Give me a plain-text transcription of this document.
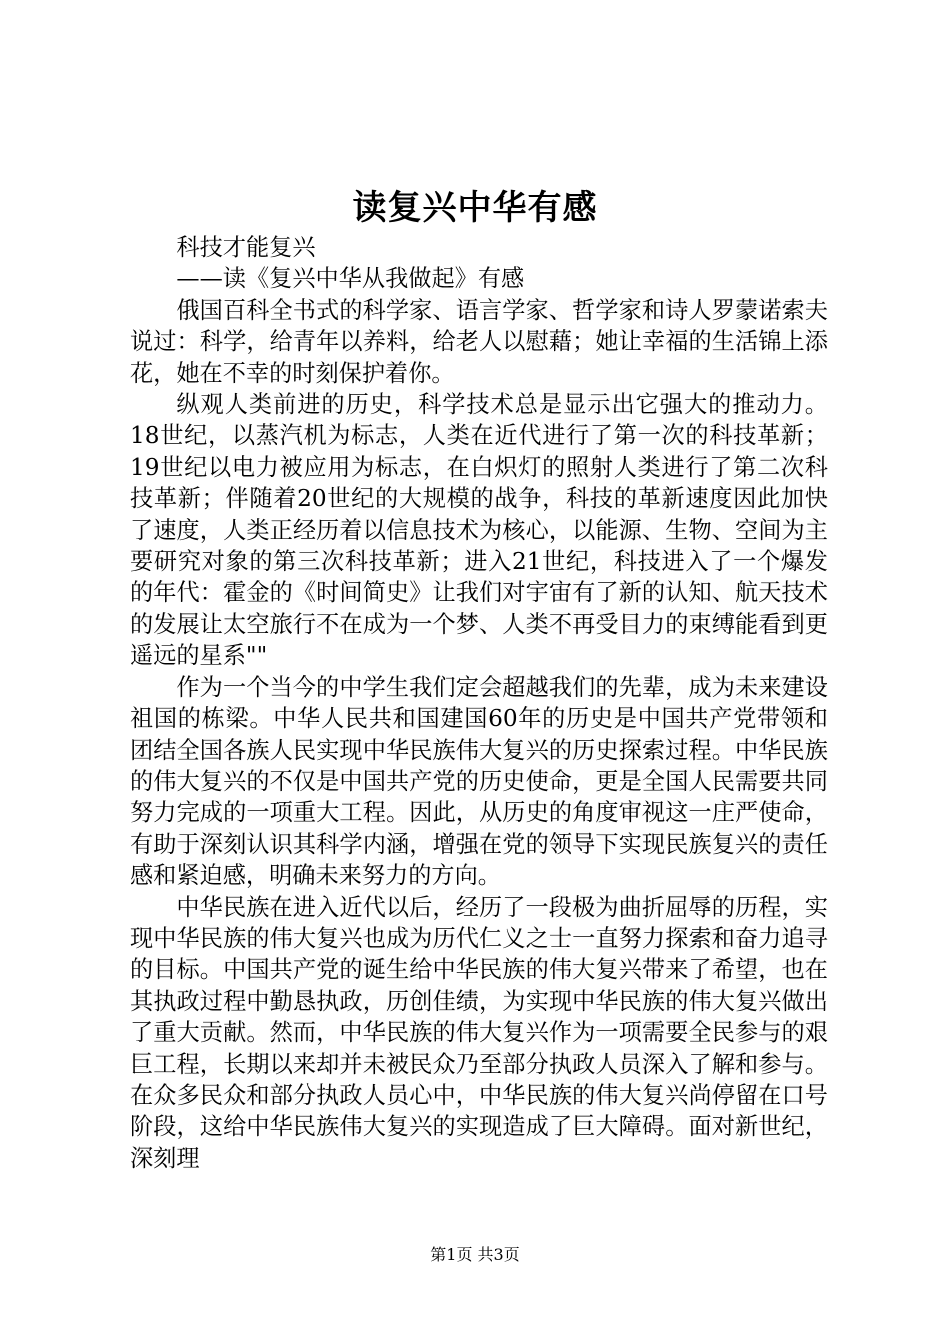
读复兴中华有感

科技才能复兴

——读《复兴中华从我做起》有感

俄国百科全书式的科学家、语言学家、哲学家和诗人罗蒙诺索夫说过：科学，给青年以养料，给老人以慰藉；她让幸福的生活锦上添花，她在不幸的时刻保护着你。

纵观人类前进的历史，科学技术总是显示出它强大的推动力。18世纪，以蒸汽机为标志，人类在近代进行了第一次的科技革新；19世纪以电力被应用为标志，在白炽灯的照射人类进行了第二次科技革新；伴随着20世纪的大规模的战争，科技的革新速度因此加快了速度，人类正经历着以信息技术为核心，以能源、生物、空间为主要研究对象的第三次科技革新；进入21世纪，科技进入了一个爆发的年代：霍金的《时间简史》让我们对宇宙有了新的认知、航天技术的发展让太空旅行不在成为一个梦、人类不再受目力的束缚能看到更遥远的星系""

作为一个当今的中学生我们定会超越我们的先辈，成为未来建设祖国的栋梁。中华人民共和国建国60年的历史是中国共产党带领和团结全国各族人民实现中华民族伟大复兴的历史探索过程。中华民族的伟大复兴的不仅是中国共产党的历史使命，更是全国人民需要共同努力完成的一项重大工程。因此，从历史的角度审视这一庄严使命，有助于深刻认识其科学内涵，增强在党的领导下实现民族复兴的责任感和紧迫感，明确未来努力的方向。

中华民族在进入近代以后，经历了一段极为曲折屈辱的历程，实现中华民族的伟大复兴也成为历代仁义之士一直努力探索和奋力追寻的目标。中国共产党的诞生给中华民族的伟大复兴带来了希望，也在其执政过程中勤恳执政，历创佳绩，为实现中华民族的伟大复兴做出了重大贡献。然而，中华民族的伟大复兴作为一项需要全民参与的艰巨工程，长期以来却并未被民众乃至部分执政人员深入了解和参与。在众多民众和部分执政人员心中，中华民族的伟大复兴尚停留在口号阶段，这给中华民族伟大复兴的实现造成了巨大障碍。面对新世纪，深刻理

第1页 共3页
